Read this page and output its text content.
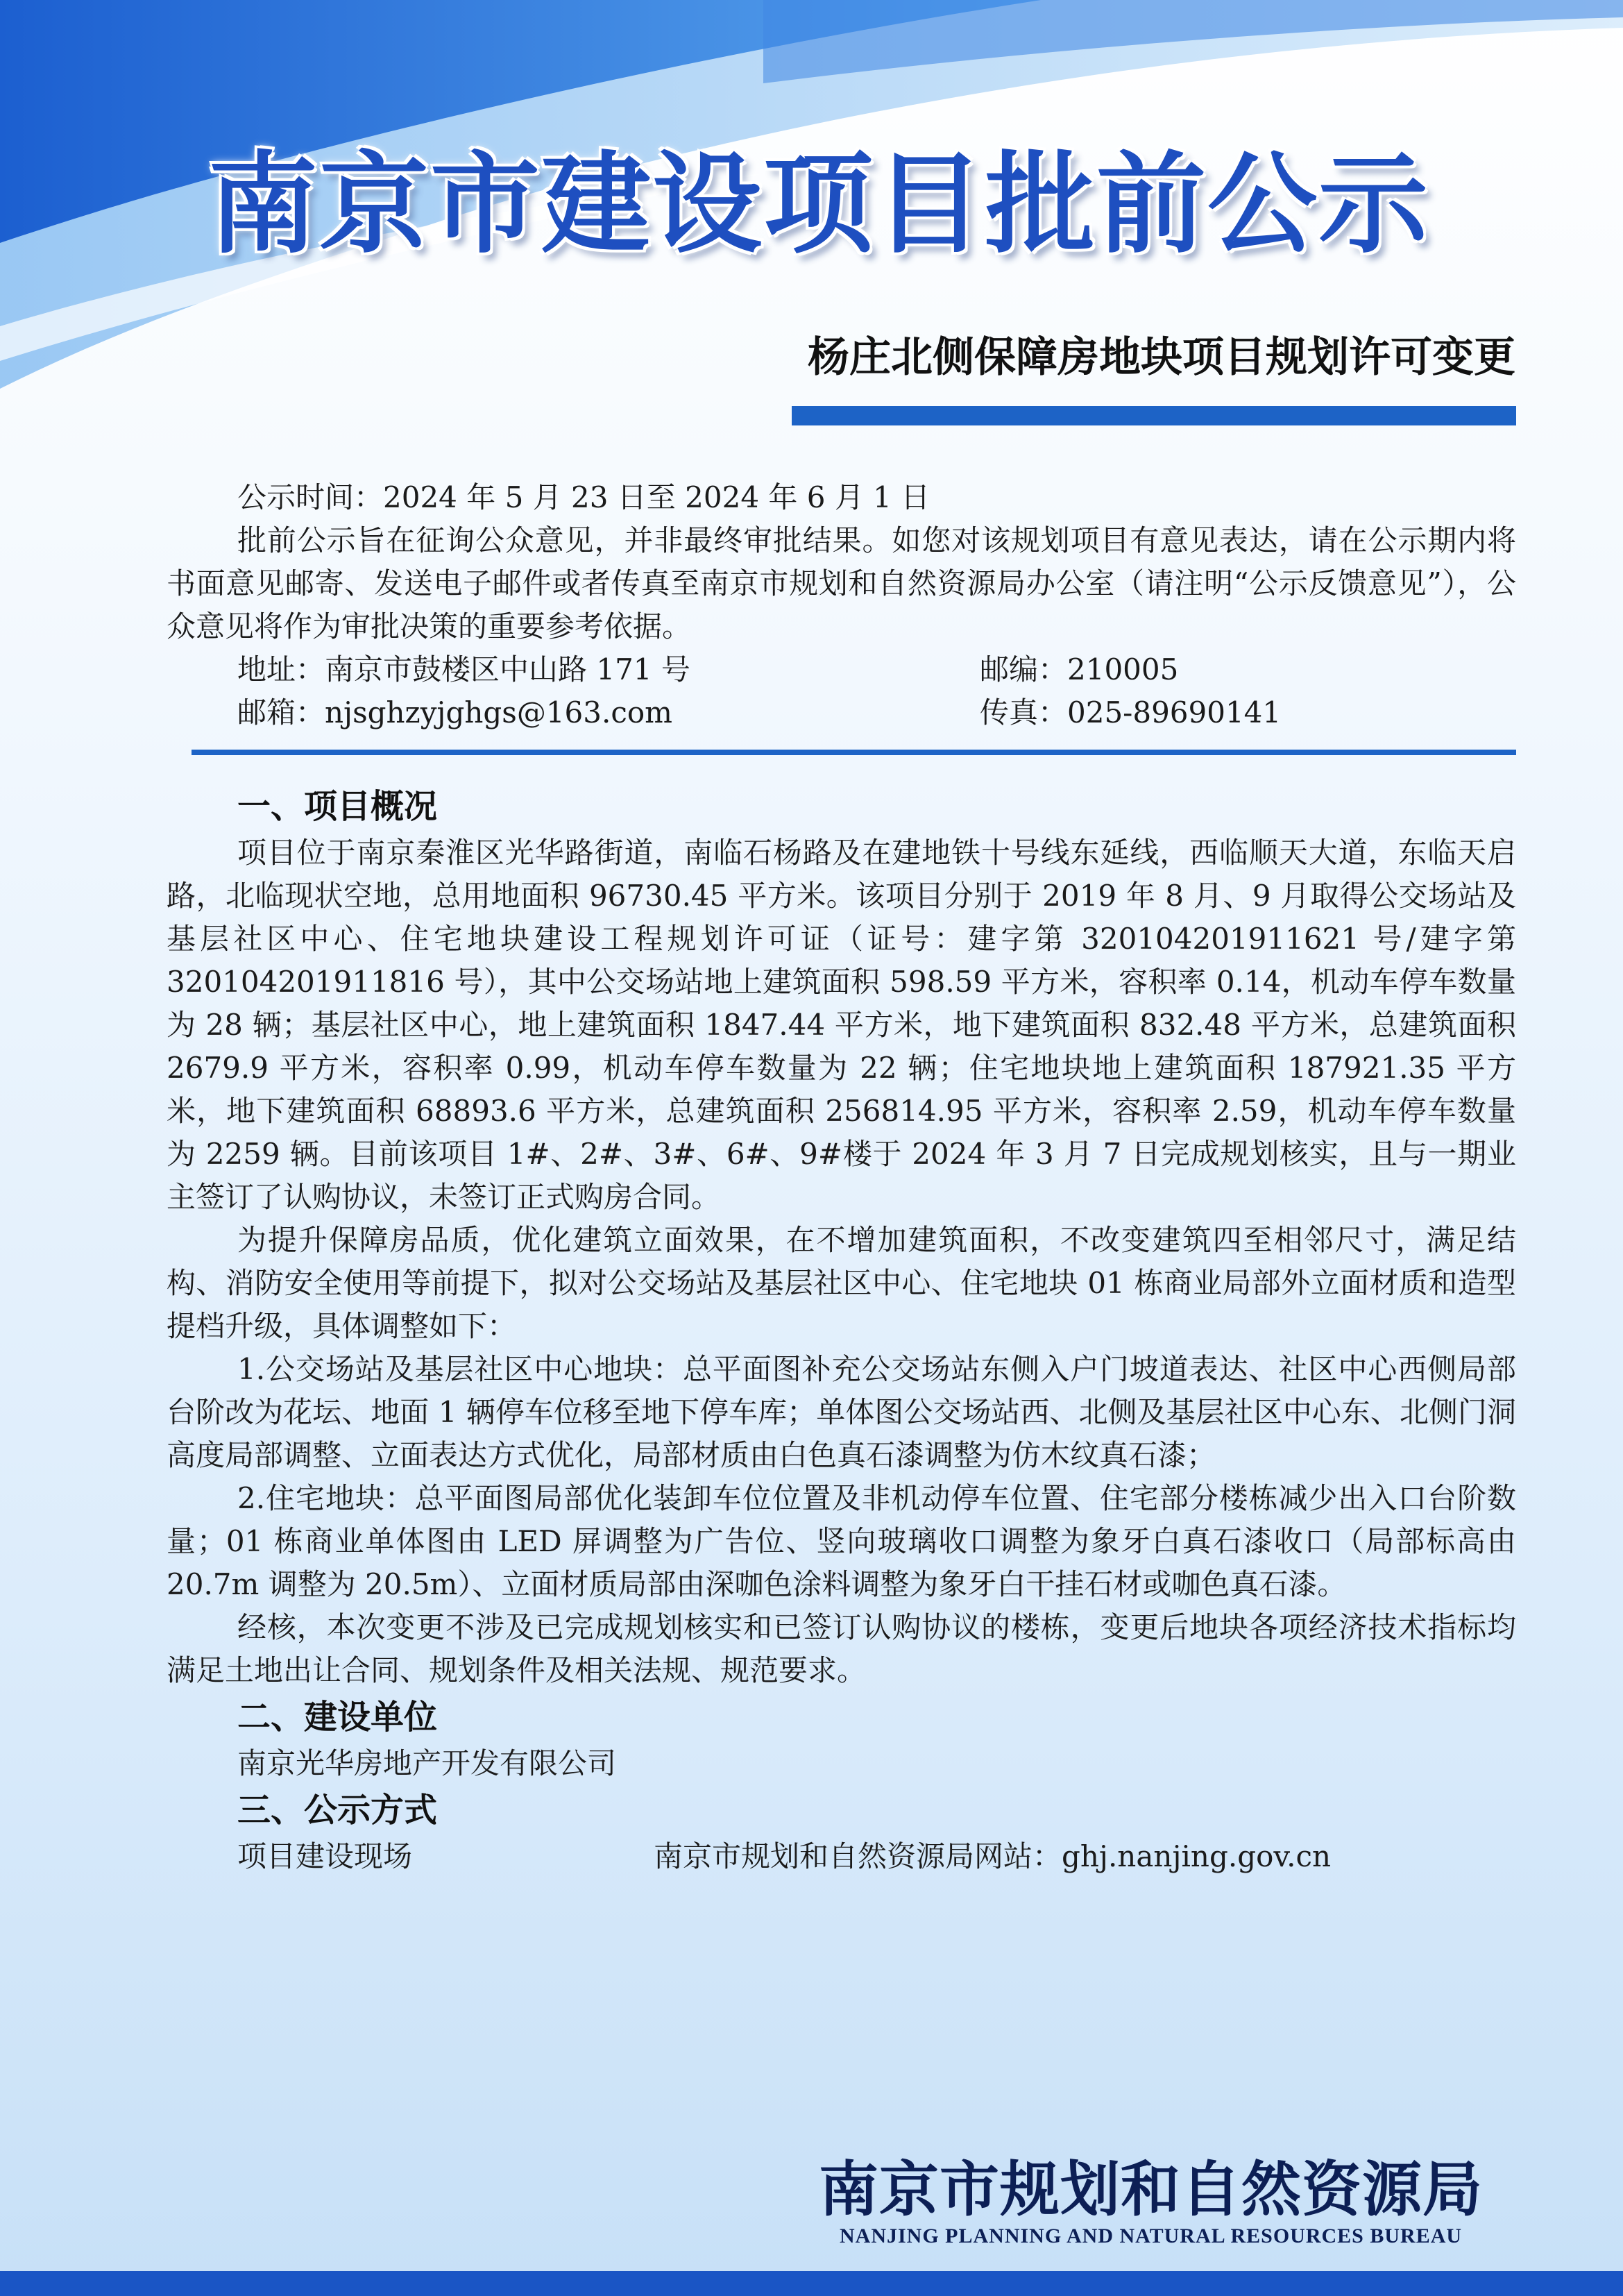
南京市建设项目批前公示
杨庄北侧保障房地块项目规划许可变更

公示时间：2024 年 5 月 23 日至 2024 年 6 月 1 日

批前公示旨在征询公众意见，并非最终审批结果。如您对该规划项目有意见表达，请在公示期内将书面意见邮寄、发送电子邮件或者传真至南京市规划和自然资源局办公室（请注明“公示反馈意见”），公众意见将作为审批决策的重要参考依据。

地址：南京市鼓楼区中山路 171 号	邮编：210005
邮箱：njsghzyjghgs@163.com	传真：025-89690141
一、项目概况

项目位于南京秦淮区光华路街道，南临石杨路及在建地铁十号线东延线，西临顺天大道，东临天启路，北临现状空地，总用地面积 96730.45 平方米。该项目分别于 2019 年 8 月、9 月取得公交场站及基层社区中心、住宅地块建设工程规划许可证（证号：建字第 320104201911621 号/建字第 320104201911816 号），其中公交场站地上建筑面积 598.59 平方米，容积率 0.14，机动车停车数量为 28 辆；基层社区中心，地上建筑面积 1847.44 平方米，地下建筑面积 832.48 平方米，总建筑面积 2679.9 平方米，容积率 0.99，机动车停车数量为 22 辆；住宅地块地上建筑面积 187921.35 平方米，地下建筑面积 68893.6 平方米，总建筑面积 256814.95 平方米，容积率 2.59，机动车停车数量为 2259 辆。目前该项目 1#、2#、3#、6#、9#楼于 2024 年 3 月 7 日完成规划核实，且与一期业主签订了认购协议，未签订正式购房合同。

为提升保障房品质，优化建筑立面效果，在不增加建筑面积，不改变建筑四至相邻尺寸，满足结构、消防安全使用等前提下，拟对公交场站及基层社区中心、住宅地块 01 栋商业局部外立面材质和造型提档升级，具体调整如下：

1.公交场站及基层社区中心地块：总平面图补充公交场站东侧入户门坡道表达、社区中心西侧局部台阶改为花坛、地面 1 辆停车位移至地下停车库；单体图公交场站西、北侧及基层社区中心东、北侧门洞高度局部调整、立面表达方式优化，局部材质由白色真石漆调整为仿木纹真石漆；

2.住宅地块：总平面图局部优化装卸车位位置及非机动停车位置、住宅部分楼栋减少出入口台阶数量；01 栋商业单体图由 LED 屏调整为广告位、竖向玻璃收口调整为象牙白真石漆收口（局部标高由 20.7m 调整为 20.5m）、立面材质局部由深咖色涂料调整为象牙白干挂石材或咖色真石漆。

经核，本次变更不涉及已完成规划核实和已签订认购协议的楼栋，变更后地块各项经济技术指标均满足土地出让合同、规划条件及相关法规、规范要求。

二、建设单位

南京光华房地产开发有限公司

三、公示方式
项目建设现场	南京市规划和自然资源局网站：ghj.nanjing.gov.cn
南京市规划和自然资源局
NANJING PLANNING AND NATURAL RESOURCES BUREAU
